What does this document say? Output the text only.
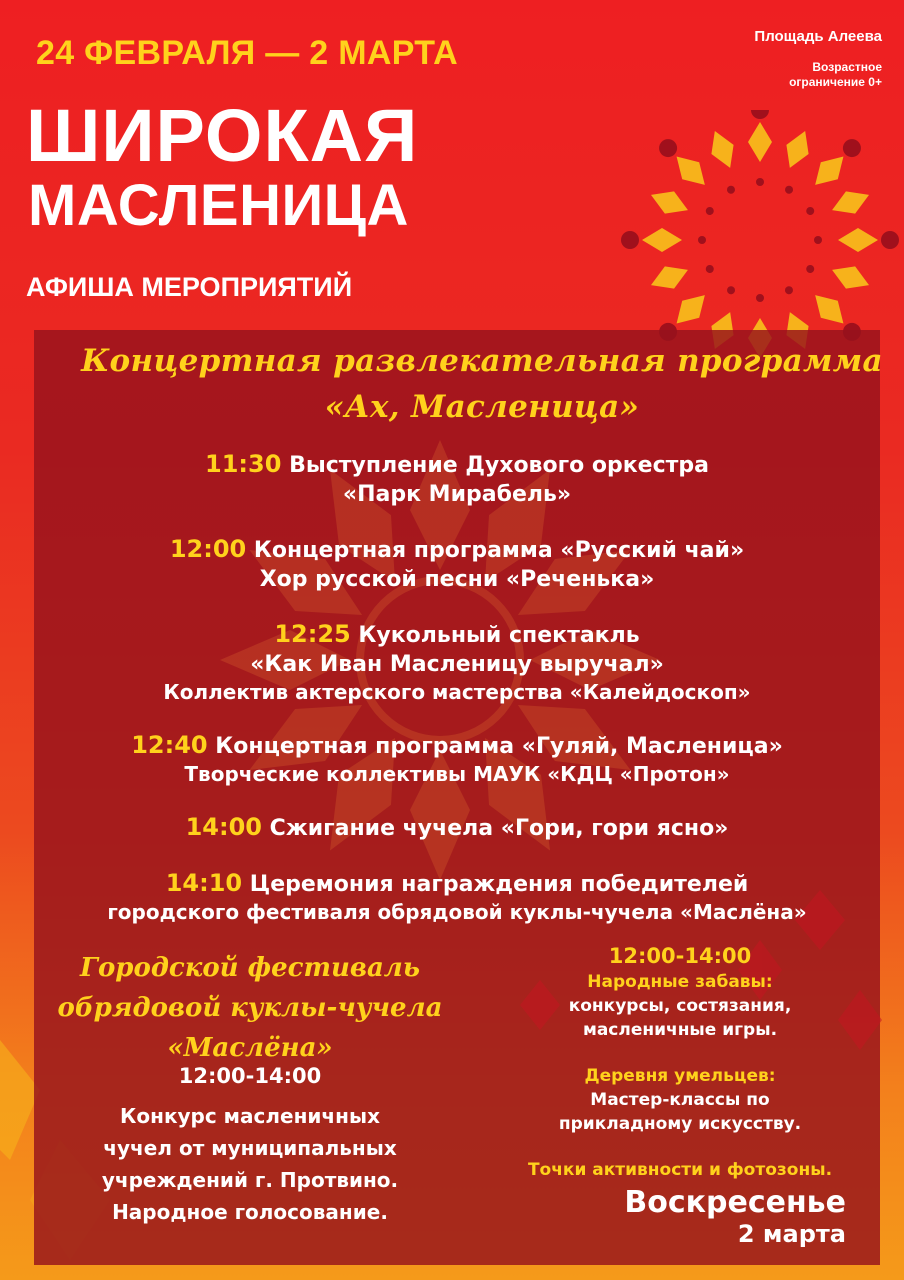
24 ФЕВРАЛЯ — 2 МАРТА
ШИРОКАЯ
МАСЛЕНИЦА
АФИША МЕРОПРИЯТИЙ
Площадь Алеева
Возрастное ограничение 0+
Концертная развлекательная программа
«Ах, Масленица»
11:30 Выступление Духового оркестра
«Парк Мирабель»
12:00 Концертная программа «Русский чай»
Хор русской песни «Реченька»
12:25 Кукольный спектакль
«Как Иван Масленицу выручал»
Коллектив актерского мастерства «Калейдоскоп»
12:40 Концертная программа «Гуляй, Масленица»
Творческие коллективы МАУК «КДЦ «Протон»
14:00 Сжигание чучела «Гори, гори ясно»
14:10 Церемония награждения победителей
городского фестиваля обрядовой куклы-чучела «Маслёна»
Городской фестиваль
обрядовой куклы-чучела
«Маслёна»
12:00-14:00
Конкурс масленичных
чучел от муниципальных
учреждений г. Протвино.
Народное голосование.
12:00-14:00
Народные забавы:
конкурсы, состязания,
масленичные игры.
Деревня умельцев:
Мастер-классы по
прикладному искусству.
Точки активности и фотозоны.
Воскресенье
2 марта
